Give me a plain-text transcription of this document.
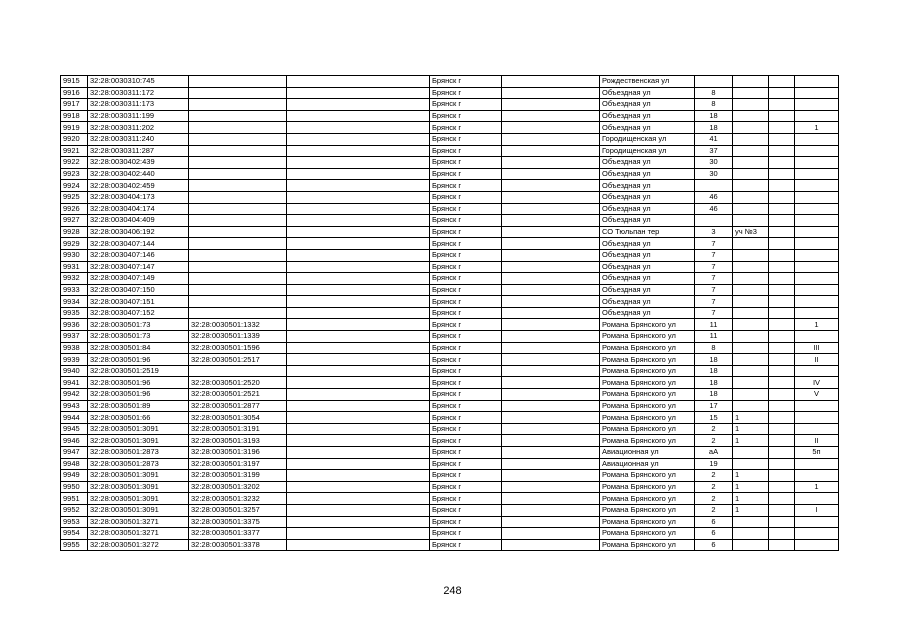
9915	32:28:0030310:745			Брянск г		Рождественская ул				
9916	32:28:0030311:172			Брянск г		Объездная ул	8			
9917	32:28:0030311:173			Брянск г		Объездная ул	8			
9918	32:28:0030311:199			Брянск г		Объездная ул	18			
9919	32:28:0030311:202			Брянск г		Объездная ул	18			1
9920	32:28:0030311:240			Брянск г		Городищенская ул	41			
9921	32:28:0030311:287			Брянск г		Городищенская ул	37			
9922	32:28:0030402:439			Брянск г		Объездная ул	30			
9923	32:28:0030402:440			Брянск г		Объездная ул	30			
9924	32:28:0030402:459			Брянск г		Объездная ул				
9925	32:28:0030404:173			Брянск г		Объездная ул	46			
9926	32:28:0030404:174			Брянск г		Объездная ул	46			
9927	32:28:0030404:409			Брянск г		Объездная ул				
9928	32:28:0030406:192			Брянск г		СО Тюльпан тер	3	уч №3		
9929	32:28:0030407:144			Брянск г		Объездная ул	7			
9930	32:28:0030407:146			Брянск г		Объездная ул	7			
9931	32:28:0030407:147			Брянск г		Объездная ул	7			
9932	32:28:0030407:149			Брянск г		Объездная ул	7			
9933	32:28:0030407:150			Брянск г		Объездная ул	7			
9934	32:28:0030407:151			Брянск г		Объездная ул	7			
9935	32:28:0030407:152			Брянск г		Объездная ул	7			
9936	32:28:0030501:73	32:28:0030501:1332		Брянск г		Романа Брянского ул	11			1
9937	32:28:0030501:73	32:28:0030501:1339		Брянск г		Романа Брянского ул	11			
9938	32:28:0030501:84	32:28:0030501:1596		Брянск г		Романа Брянского ул	8			III
9939	32:28:0030501:96	32:28:0030501:2517		Брянск г		Романа Брянского ул	18			II
9940	32:28:0030501:2519			Брянск г		Романа Брянского ул	18			
9941	32:28:0030501:96	32:28:0030501:2520		Брянск г		Романа Брянского ул	18			IV
9942	32:28:0030501:96	32:28:0030501:2521		Брянск г		Романа Брянского ул	18			V
9943	32:28:0030501:89	32:28:0030501:2877		Брянск г		Романа Брянского ул	17			
9944	32:28:0030501:66	32:28:0030501:3054		Брянск г		Романа Брянского ул	15	1		
9945	32:28:0030501:3091	32:28:0030501:3191		Брянск г		Романа Брянского ул	2	1		
9946	32:28:0030501:3091	32:28:0030501:3193		Брянск г		Романа Брянского ул	2	1		II
9947	32:28:0030501:2873	32:28:0030501:3196		Брянск г		Авиационная ул	аА			5п
9948	32:28:0030501:2873	32:28:0030501:3197		Брянск г		Авиационная ул	19			
9949	32:28:0030501:3091	32:28:0030501:3199		Брянск г		Романа Брянского ул	2	1		
9950	32:28:0030501:3091	32:28:0030501:3202		Брянск г		Романа Брянского ул	2	1		1
9951	32:28:0030501:3091	32:28:0030501:3232		Брянск г		Романа Брянского ул	2	1		
9952	32:28:0030501:3091	32:28:0030501:3257		Брянск г		Романа Брянского ул	2	1		I
9953	32:28:0030501:3271	32:28:0030501:3375		Брянск г		Романа Брянского ул	6			
9954	32:28:0030501:3271	32:28:0030501:3377		Брянск г		Романа Брянского ул	6			
9955	32:28:0030501:3272	32:28:0030501:3378		Брянск г		Романа Брянского ул	6			
248
